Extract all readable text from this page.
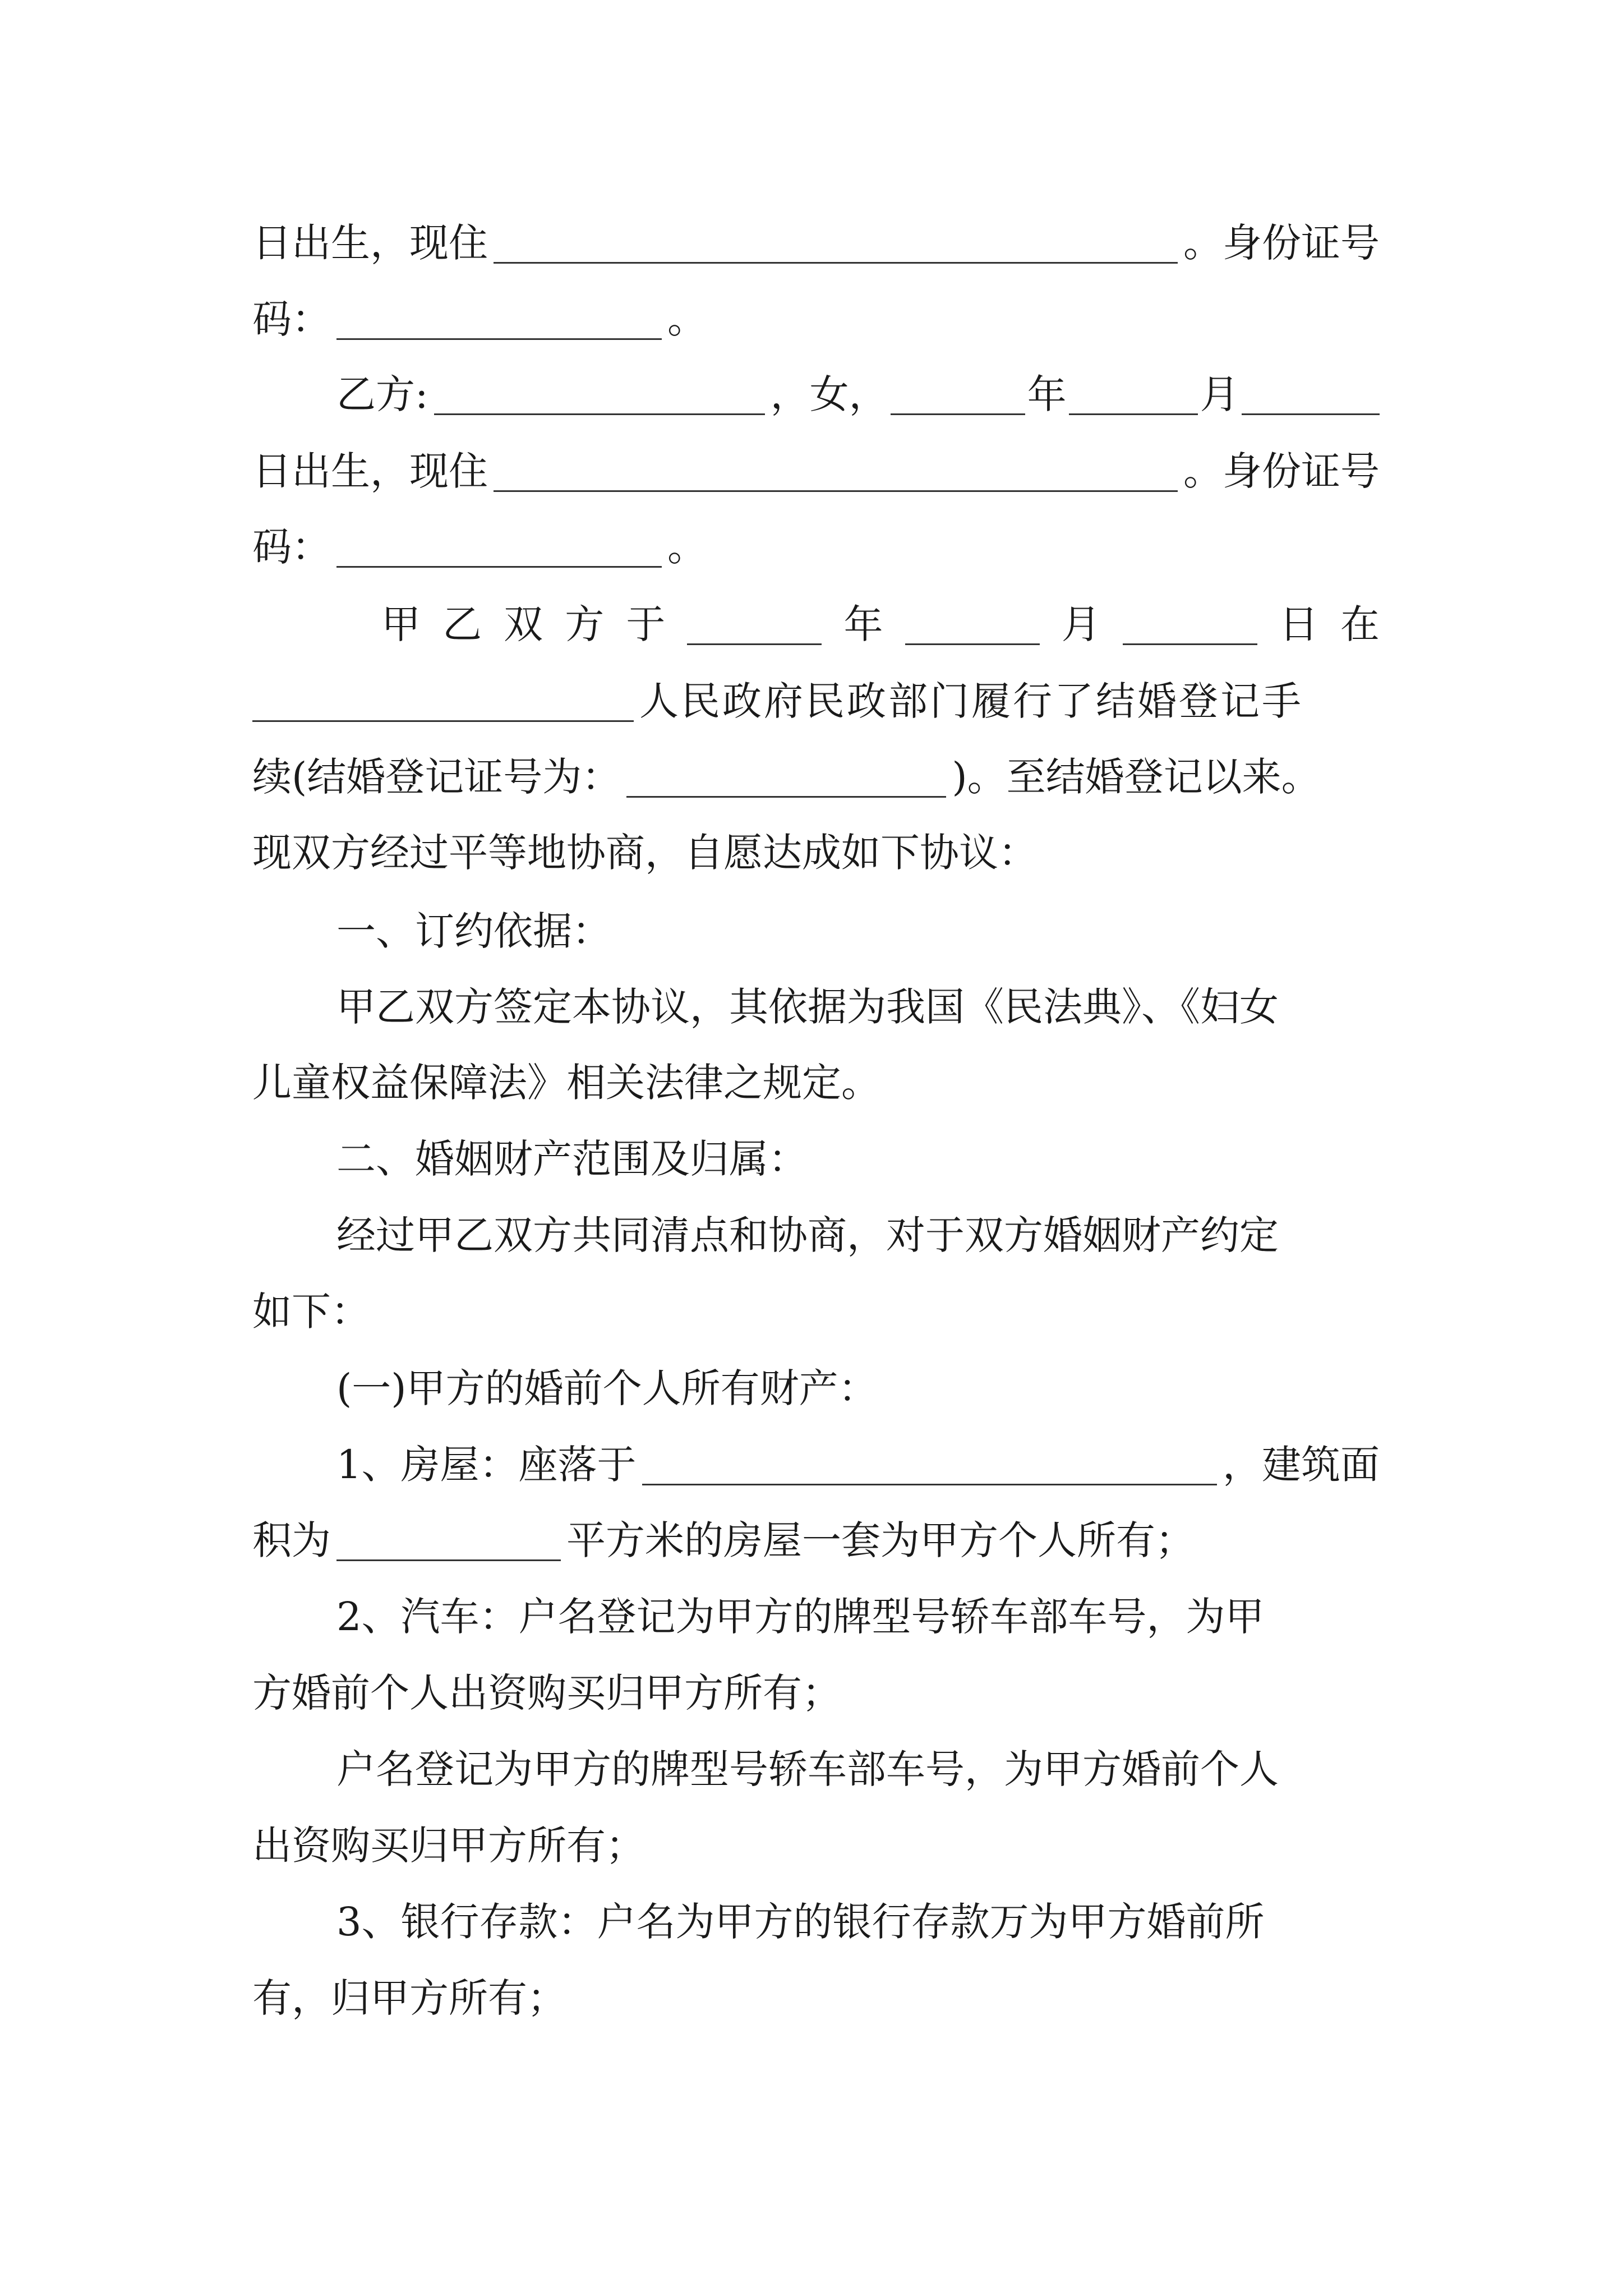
日出生，现住	。身份证号
码：	。
乙方:	，女，	年	月
日出生，现住	。身份证号
码：	。
甲 乙 双 方 于	年	月	日 在
人民政府民政部门履行了结婚登记手
续(结婚登记证号为：	)。至结婚登记以来。
现双方经过平等地协商，自愿达成如下协议：
一、订约依据：
甲乙双方签定本协议，其依据为我国《民法典》、《妇女
儿童权益保障法》相关法律之规定。
二、婚姻财产范围及归属：
经过甲乙双方共同清点和协商，对于双方婚姻财产约定
如下：
(一)甲方的婚前个人所有财产：
1、房屋：座落于	，建筑面
积为	平方米的房屋一套为甲方个人所有；
2、汽车：户名登记为甲方的牌型号轿车部车号，为甲
方婚前个人出资购买归甲方所有；
户名登记为甲方的牌型号轿车部车号，为甲方婚前个人
出资购买归甲方所有；
3、银行存款：户名为甲方的银行存款万为甲方婚前所
有，归甲方所有；
